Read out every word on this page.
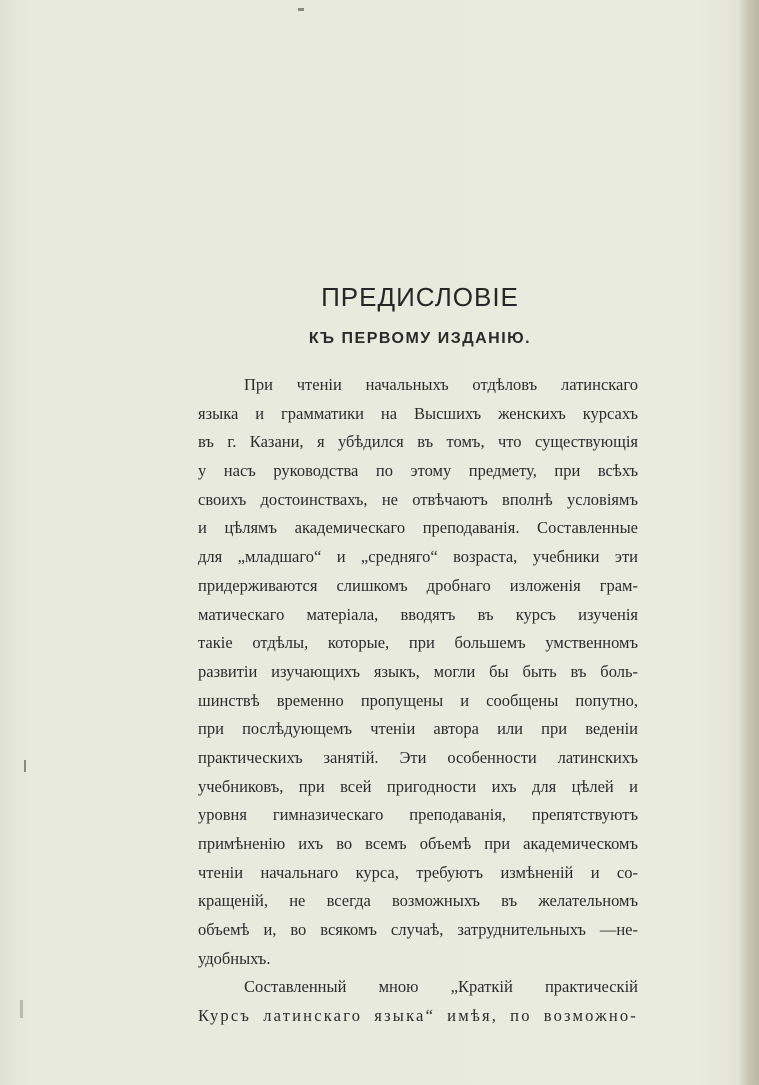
ПРЕДИСЛОВІЕ
КЪ ПЕРВОМУ ИЗДАНІЮ.
При чтеніи начальныхъ отдѣловъ латинскаго
языка и грамматики на Высшихъ женскихъ курсахъ
въ г. Казани, я убѣдился въ томъ, что существующія
у насъ руководства по этому предмету, при всѣхъ
своихъ достоинствахъ, не отвѣчаютъ вполнѣ условіямъ
и цѣлямъ академическаго преподаванія. Составленные
для „младшаго“ и „средняго“ возраста, учебники эти
придерживаются слишкомъ дробнаго изложенія грам-
матическаго матеріала, вводятъ въ курсъ изученія
такіе отдѣлы, которые, при большемъ умственномъ
развитіи изучающихъ языкъ, могли бы быть въ боль-
шинствѣ временно пропущены и сообщены попутно,
при послѣдующемъ чтеніи автора или при веденіи
практическихъ занятій. Эти особенности латинскихъ
учебниковъ, при всей пригодности ихъ для цѣлей и
уровня гимназическаго преподаванія, препятствуютъ
примѣненію ихъ во всемъ объемѣ при академическомъ
чтеніи начальнаго курса, требуютъ измѣненій и со-
кращеній, не всегда возможныхъ въ желательномъ
объемѣ и, во всякомъ случаѣ, затруднительныхъ —не-
удобныхъ.
Составленный мною „Краткій практическій
Курсъ латинскаго языка“ имѣя, по возможно-
